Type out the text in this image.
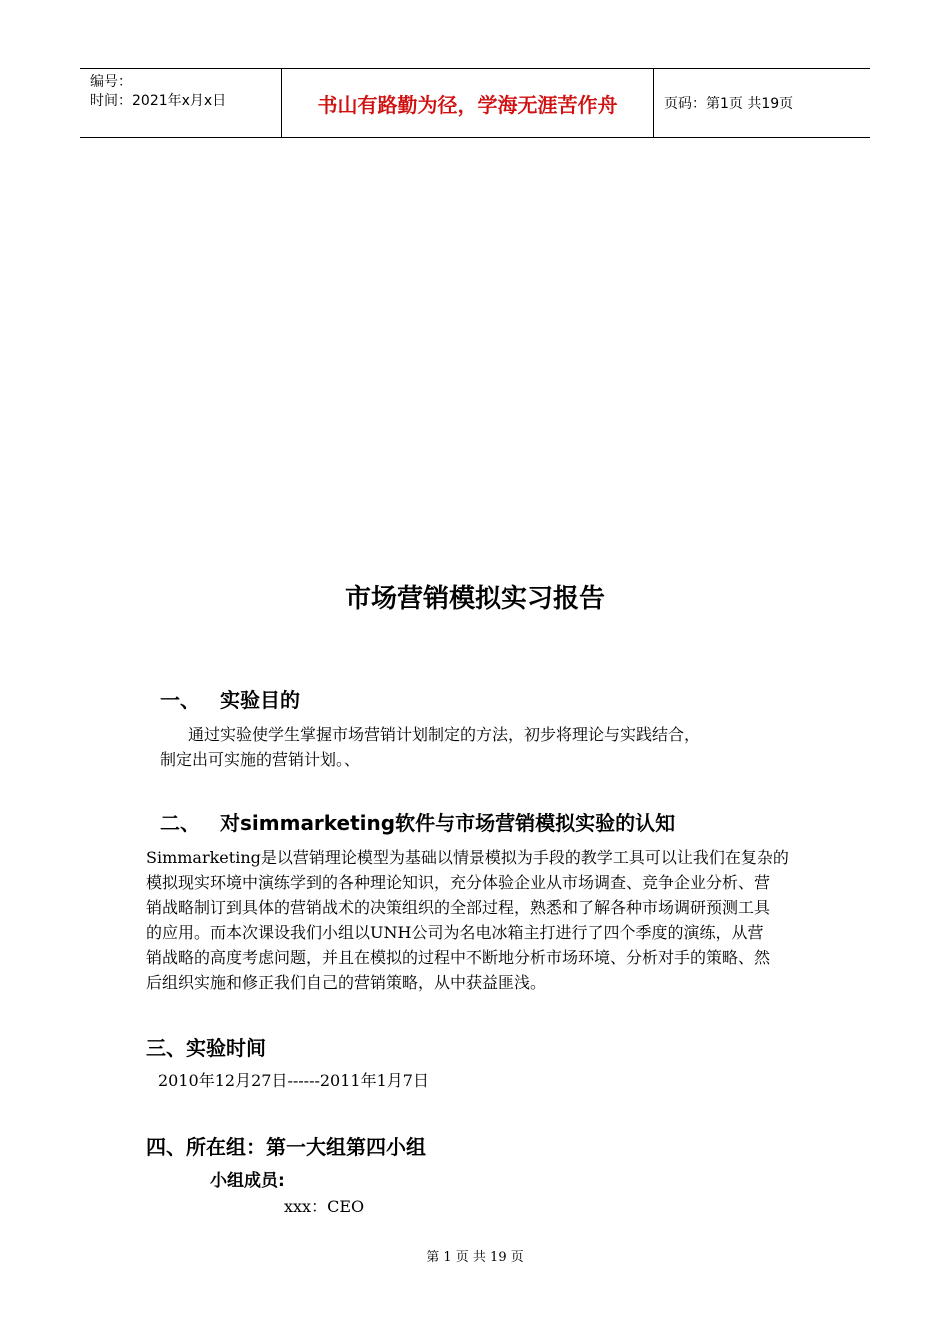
编号：
时间：2021年x月x日	书山有路勤为径，学海无涯苦作舟	页码：第1页 共19页
市场营销模拟实习报告
一、 实验目的
通过实验使学生掌握市场营销计划制定的方法，初步将理论与实践结合，
制定出可实施的营销计划。、
二、 对simmarketing软件与市场营销模拟实验的认知
Simmarketing是以营销理论模型为基础以情景模拟为手段的教学工具可以让我们在复杂的
模拟现实环境中演练学到的各种理论知识，充分体验企业从市场调查、竞争企业分析、营
销战略制订到具体的营销战术的决策组织的全部过程，熟悉和了解各种市场调研预测工具
的应用。而本次课设我们小组以UNH公司为名电冰箱主打进行了四个季度的演练，从营
销战略的高度考虑问题，并且在模拟的过程中不断地分析市场环境、分析对手的策略、然
后组织实施和修正我们自己的营销策略，从中获益匪浅。
三、实验时间
2010年12月27日------2011年1月7日
四、所在组：第一大组第四小组
小组成员:
xxx：CEO
第 1 页 共 19 页
